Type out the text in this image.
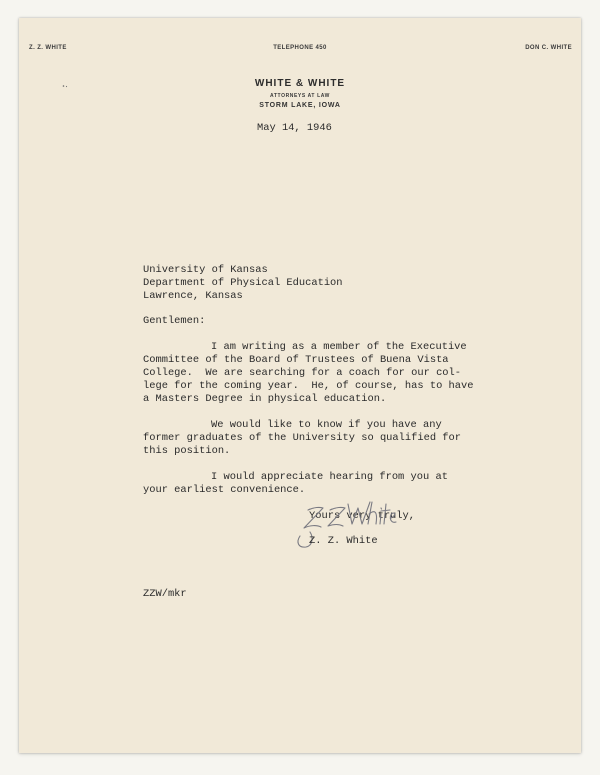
Z. Z. WHITE	TELEPHONE 450	DON C. WHITE
WHITE & WHITE
ATTORNEYS AT LAW
STORM LAKE, IOWA
May 14, 1946
University of Kansas
Department of Physical Education
Lawrence, Kansas
Gentlemen:
I am writing as a member of the Executive
Committee of the Board of Trustees of Buena Vista
College.  We are searching for a coach for our col-
lege for the coming year.  He, of course, has to have
a Masters Degree in physical education.
We would like to know if you have any
former graduates of the University so qualified for
this position.
I would appreciate hearing from you at
your earliest convenience.
Yours very truly,
Z. Z. White
ZZW/mkr
